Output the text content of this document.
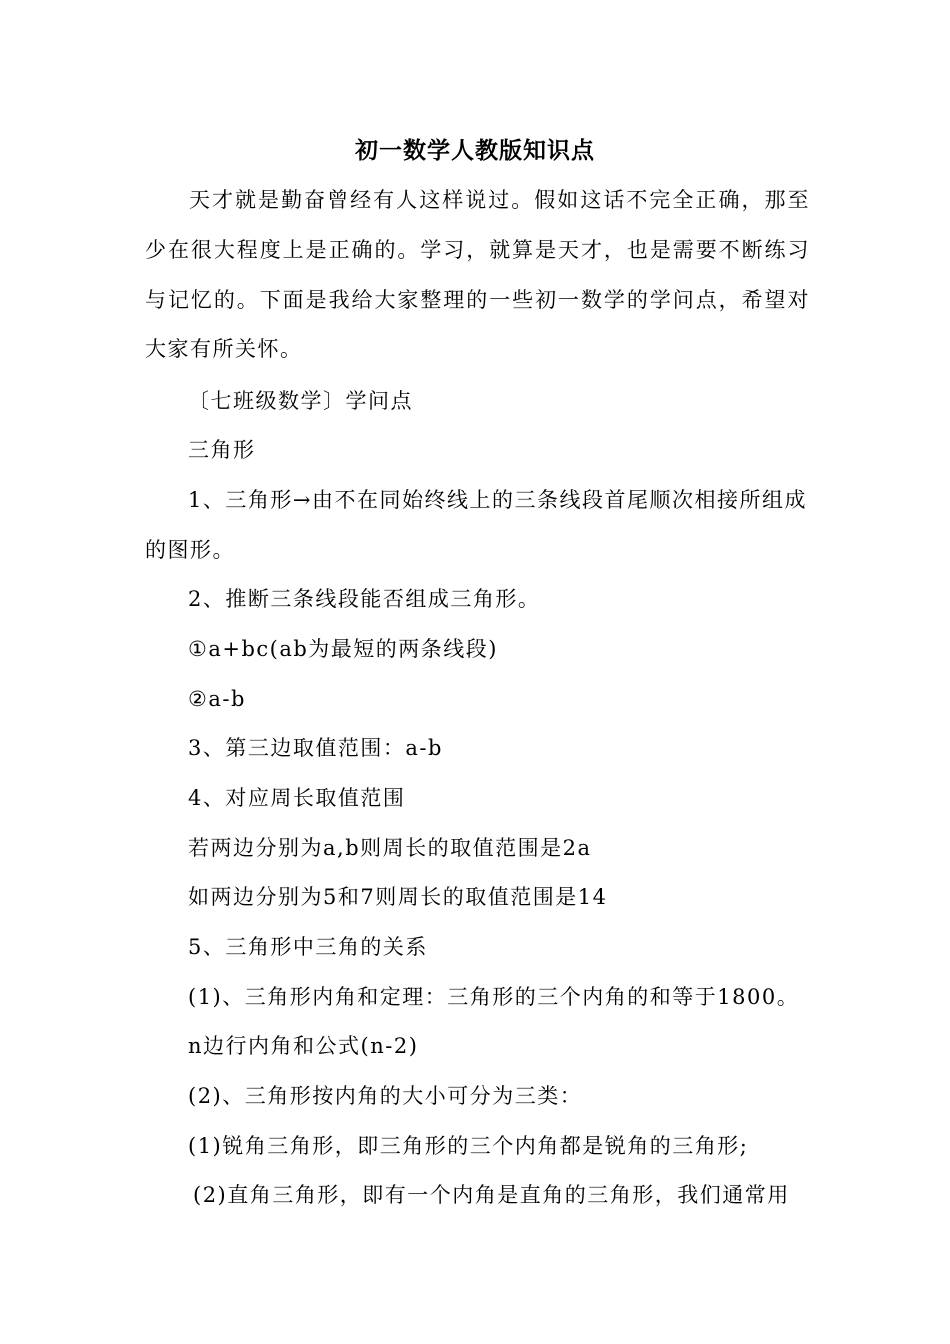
初一数学人教版知识点
天才就是勤奋曾经有人这样说过。假如这话不完全正确，那至少在很大程度上是正确的。学习，就算是天才，也是需要不断练习与记忆的。下面是我给大家整理的一些初一数学的学问点，希望对大家有所关怀。
〔七班级数学〕学问点
三角形
1、三角形→由不在同始终线上的三条线段首尾顺次相接所组成
的图形。
2、推断三条线段能否组成三角形。
①a+bc(ab为最短的两条线段)
②a-b
3、第三边取值范围：a-b
4、对应周长取值范围
若两边分别为a,b则周长的取值范围是2a
如两边分别为5和7则周长的取值范围是14
5、三角形中三角的关系
(1)、三角形内角和定理：三角形的三个内角的和等于1800。
n边行内角和公式(n-2)
(2)、三角形按内角的大小可分为三类：
(1)锐角三角形，即三角形的三个内角都是锐角的三角形;
(2)直角三角形，即有一个内角是直角的三角形，我们通常用
